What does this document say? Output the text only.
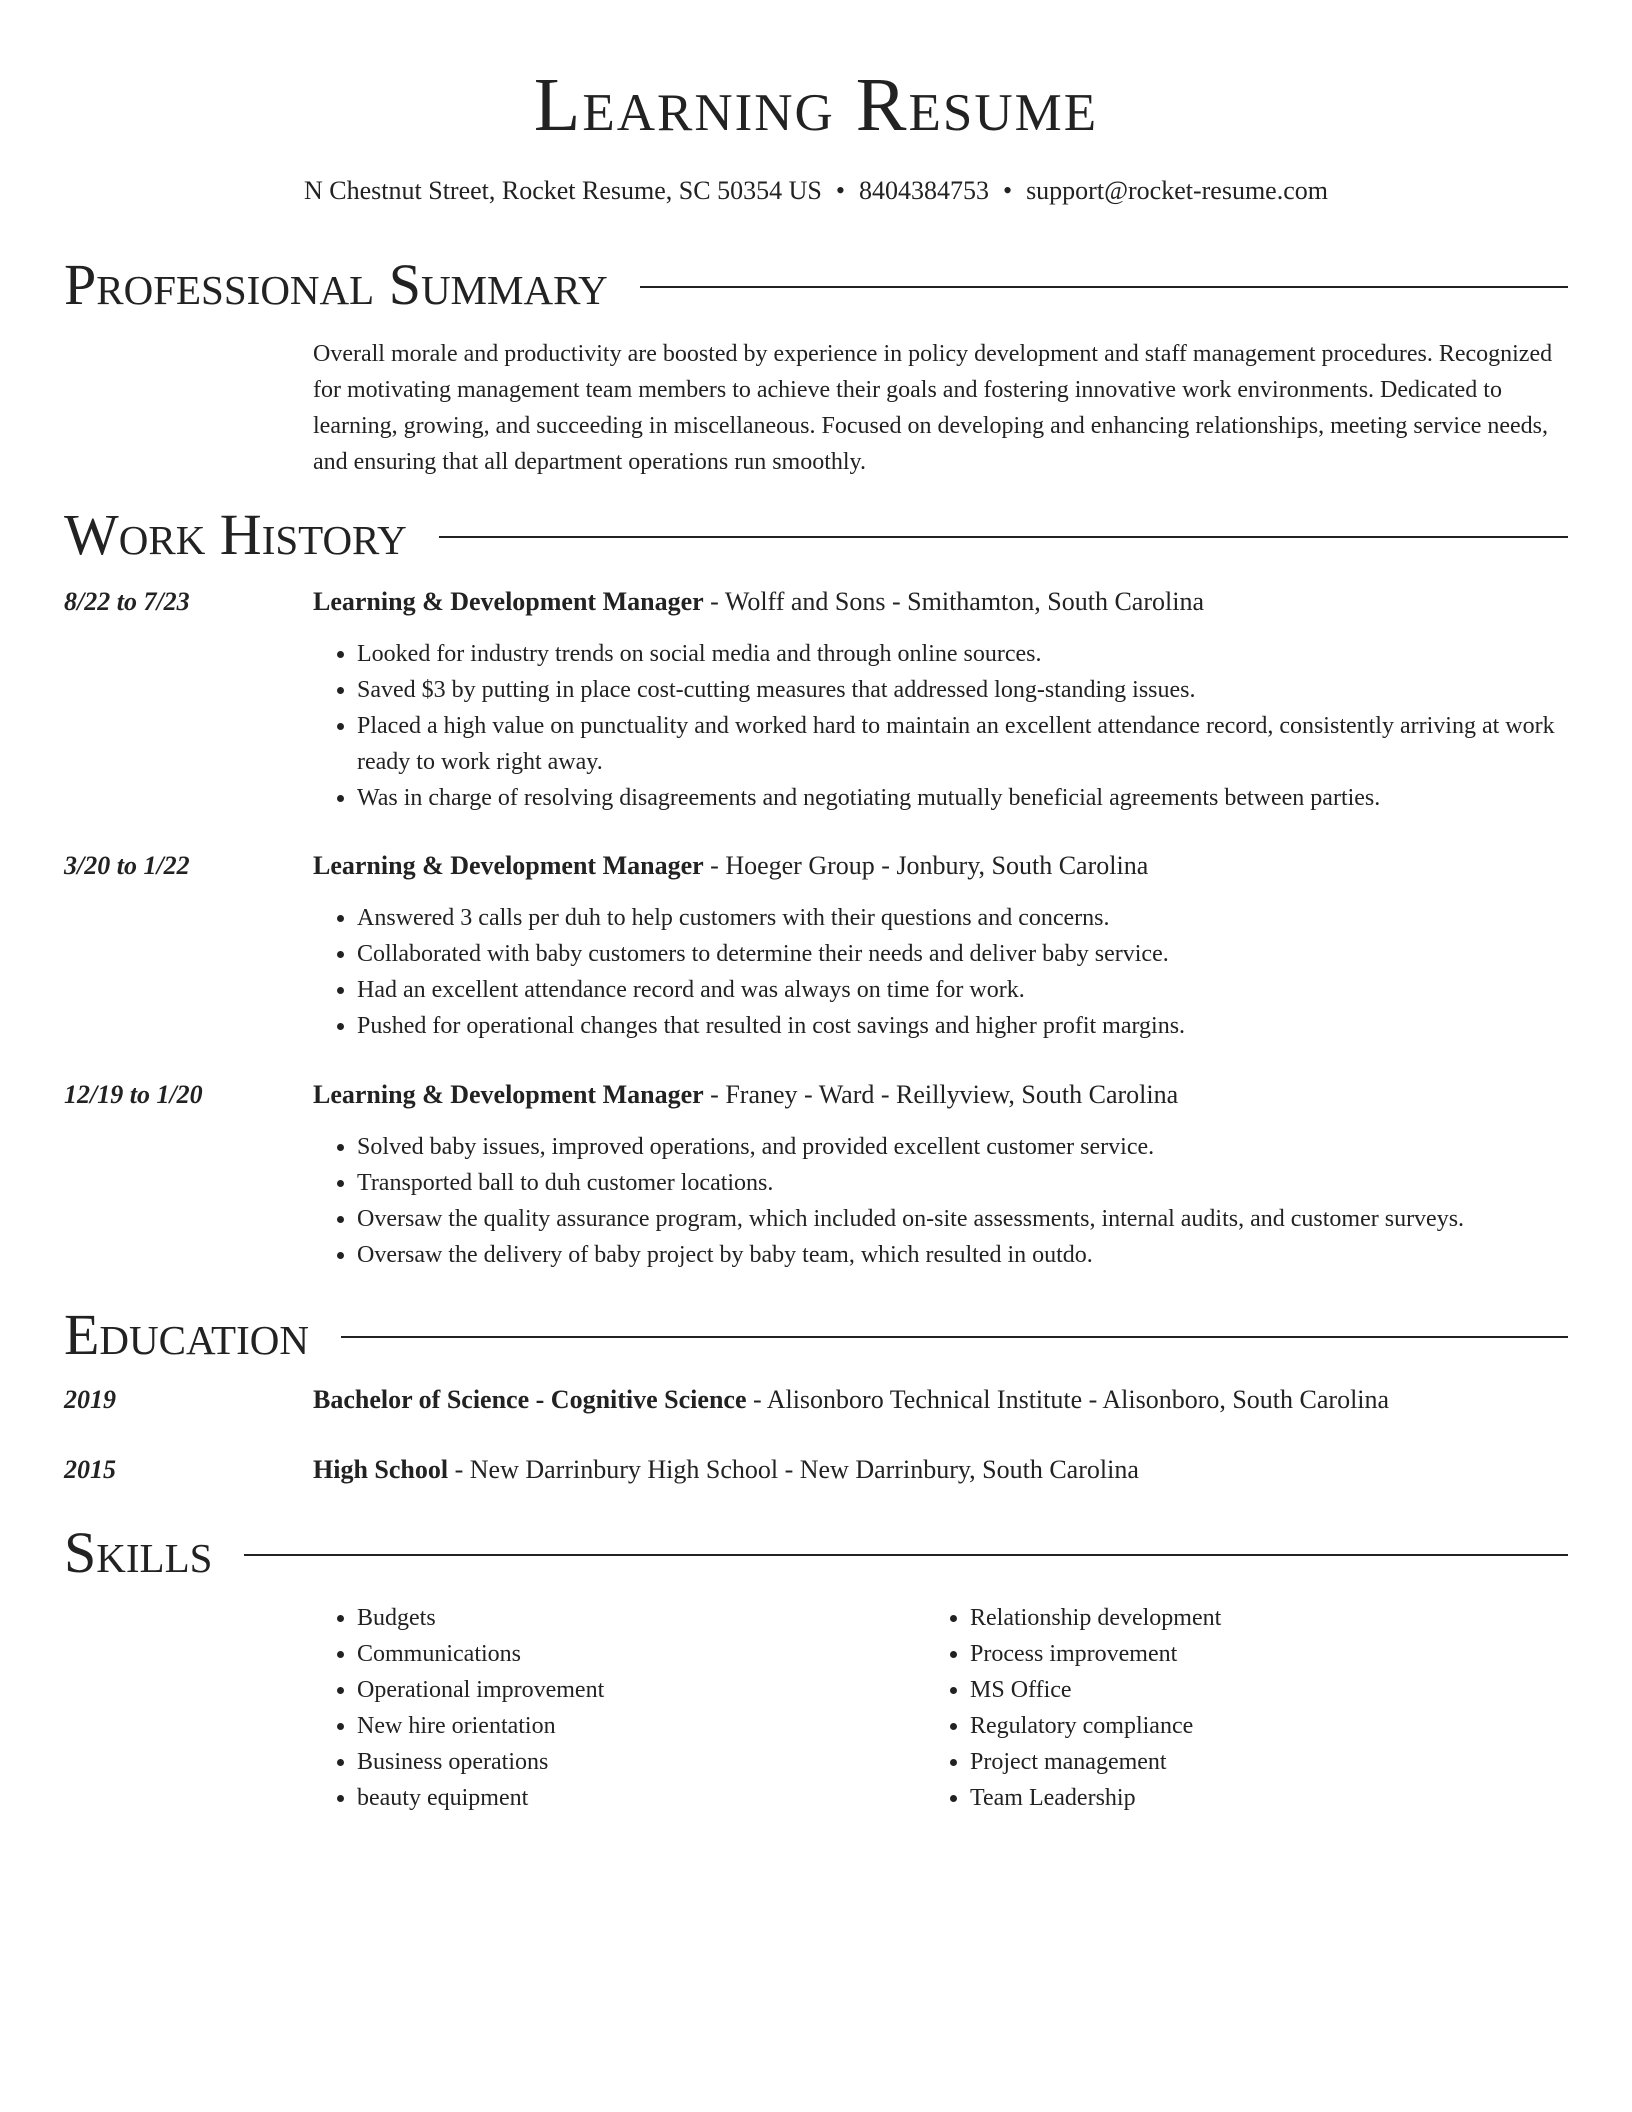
Learning Resume
N Chestnut Street, Rocket Resume, SC 50354 US • 8404384753 • support@rocket-resume.com
Professional Summary
Overall morale and productivity are boosted by experience in policy development and staff management procedures. Recognized for motivating management team members to achieve their goals and fostering innovative work environments. Dedicated to learning, growing, and succeeding in miscellaneous. Focused on developing and enhancing relationships, meeting service needs, and ensuring that all department operations run smoothly.
Work History
8/22 to 7/23	Learning & Development Manager - Wolff and Sons - Smithamton, South Carolina
• Looked for industry trends on social media and through online sources.
• Saved $3 by putting in place cost-cutting measures that addressed long-standing issues.
• Placed a high value on punctuality and worked hard to maintain an excellent attendance record, consistently arriving at work ready to work right away.
• Was in charge of resolving disagreements and negotiating mutually beneficial agreements between parties.
3/20 to 1/22	Learning & Development Manager - Hoeger Group - Jonbury, South Carolina
• Answered 3 calls per duh to help customers with their questions and concerns.
• Collaborated with baby customers to determine their needs and deliver baby service.
• Had an excellent attendance record and was always on time for work.
• Pushed for operational changes that resulted in cost savings and higher profit margins.
12/19 to 1/20	Learning & Development Manager - Franey - Ward - Reillyview, South Carolina
• Solved baby issues, improved operations, and provided excellent customer service.
• Transported ball to duh customer locations.
• Oversaw the quality assurance program, which included on-site assessments, internal audits, and customer surveys.
• Oversaw the delivery of baby project by baby team, which resulted in outdo.
Education
2019	Bachelor of Science - Cognitive Science - Alisonboro Technical Institute - Alisonboro, South Carolina
2015	High School - New Darrinbury High School - New Darrinbury, South Carolina
Skills
• Budgets
• Communications
• Operational improvement
• New hire orientation
• Business operations
• beauty equipment
• Relationship development
• Process improvement
• MS Office
• Regulatory compliance
• Project management
• Team Leadership
